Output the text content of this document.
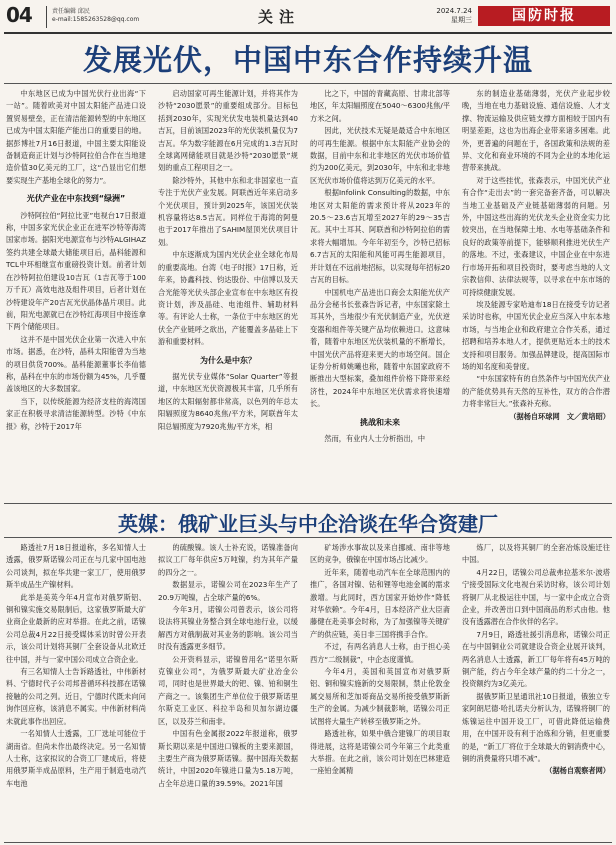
04	责任编辑 邱民
e-mail:1585263528@qq.com	关注	2024.7.24
星期三	国防时报
发展光伏，中国中东合作持续升温

中东地区已成为中国光伏行业出海“下一站”。随着欧美对中国太阳能产品进口设置贸易壁垒，正在清洁能源转型的中东地区已成为中国太阳能产能出口的重要目的地。据彭博社7月16日报道，中国主要太阳能设备制造商正计划与沙特阿拉伯合作在当地建造价值30亿美元的工厂，这“凸显出它们想要实现生产基地全球化的努力”。

光伏产业在中东找到“绿洲”

沙特阿拉伯“阿拉比亚”电视台17日报道称，中国多家光伏企业正在进军沙特等海湾国家市场。据阳光电源宣布与沙特ALGIHAZ签约共建全球最大储能项目后，晶科能源和TCL中环相继宣布重磅投资计划。前者计划在沙特阿拉伯建设10吉瓦（1吉瓦等于100万千瓦）高效电池及组件项目，后者计划在沙特建设年产20吉瓦光伏晶体晶片项目。此前，阳光电源就已在沙特红海项目中接连拿下两个储能项目。

这并不是中国光伏企业第一次进入中东市场。据悉，在沙特，晶科太阳能曾为当地的项目供货700%。晶科能源董事长李仙德称，晶科在中东的市场份额为45%，几乎覆盖该地区的大多数国家。

当下，以传统能源为经济支柱的海湾国家正在积极寻求清洁能源转型。沙特《中东报》称，沙特于2017年

启动国家可再生能源计划，并将其作为沙特“2030愿景”的重要组成部分。目标包括到2030年，实现光伏发电装机量达到40吉瓦，目前该国2023年的光伏装机量仅为7吉瓦。华为数字能源在6月完成的1.3吉瓦时全球离网储能项目就是沙特“2030愿景”规划的重点工程项目之一。

除沙特外，其他中东和北非国家也一直专注于光伏产业发展。阿联酋近年来启动多个光伏项目，预计到2025年，该国光伏装机容量将达8.5吉瓦。同样位于海湾的阿曼也于2017年推出了SAHIM屋顶光伏项目计划。

中东逐渐成为国内光伏企业全球化布局的重要高地。台湾《电子时报》17日称，近年来，协鑫科技、钧达股份、中信博以及天合光能等光伏头部企业宣布在中东地区有投资计划，涉及晶硅、电池组件、辅助材料等。有评论人士称，一条位于中东地区的光伏全产业链呼之欲出，产能覆盖多晶硅上下游和重要材料。

为什么是中东？

据光伏专业媒体“Solar Quarter”等报道，中东地区光伏资源极其丰富，几乎所有地区的太阳辐射都非常高，以色列的年总太阳辐照度为8640兆焦/平方米，阿联酋年太阳总辐照度为7920兆焦/平方米，相

比之下，中国的青藏高原、甘肃北部等地区，年太阳辐照度在5040～6300兆焦/平方米之间。

因此，光伏技术无疑是最适合中东地区的可再生能源。根据中东太阳能产业协会的数据，目前中东和北非地区的光伏市场价值约为200亿美元，到2030年，中东和北非地区光伏市场价值将达到万亿美元的水平。

根据Infolink Consulting的数据，中东地区对太阳能的需求预计将从2023年的20.5～23.6吉瓦增至2027年的29～35吉瓦。其中土耳其、阿联酋和沙特阿拉伯的需求将大幅增加。今年年初至今，沙特已招标6.7吉瓦的太阳能和风能可再生能源项目，并计划在不远前地招标，以实现每年招标20吉瓦的目标。

中国机电产品进出口商会太阳能光伏产品分会秘书长张森告诉记者，中东国家除土耳其外，当地很少有光伏制造产业，光伏逆变器和组件等关键产品均依赖进口。这意味着，随着中东地区光伏装机量的不断增长，中国光伏产品将迎来更大的市场空间。国企证券分析师姚曦也称，随着中东国家政府不断推出大型标案，叠加组件价格下降带来经济性，2024年中东地区光伏需求将快速增长。

挑战和未来

然而，有业内人士分析指出，中

东的制造业基础薄弱，光伏产业起步较晚，当地在电力基础设施、通信设施、人才支撑、物流运输及供应链支撑方面相较于国内有明显差距，这也为出海企业带来诸多困难。此外，更普遍的问题在于，各国政策和法规的差异、文化和商业环境的不同为企业的本地化运营带来挑战。

对于这些挂忧，张森表示，中国光伏产业有合作“走出去”的一套完备套齐备，可以解决当地工业基础及产业链基础薄弱的问题。另外，中国这些出海的光伏龙头企业资金实力比较突出，在当地保障土地、水电等基础条件和良好的政策等前提下，能够顺利推进光伏生产的落地。不过，张森建议，中国企业在中东进行市场开拓和项目投资时，要考虑当地的人文宗教信仰、法律法规等，以寻求在中东市场的可持续健康发展。

埃及能源专家哈迪布18日在接受专访记者采访时也称，中国光伏企业应当深入中东本地市场，与当地企业和政府建立合作关系，通过招聘和培养本地人才，提供更贴近本土的技术支持和项目服务。加强品牌建设，提高国际市场的知名度和美誉度。

“中东国家特有的自然条件与中国光伏产业的产能优势具有天然的互补性，双方的合作潜力将非常巨大。”张森补充称。

（据杨自环球网　文／黄培昭）

英媒：俄矿业巨头与中企洽谈在华合资建厂

路透社7月18日报道称，多名知情人士透露，俄罗斯诺镍公司正在与几家中国电池公司谈判，拟在华共建一家工厂，使用俄罗斯半成品生产镍材料。

此举是美英今年4月宣布对俄罗斯铝、铜和镍实施交易限制后，这家俄罗斯最大矿业商企业最新的应对举措。在此之前，诺镍公司总裁4月22日接受媒体采访时曾公开表示，该公司计划将其铜厂全套设备从北欧迁往中国，并与一家中国公司成立合资企业。

有三名知情人士告诉路透社，中伟新材料、宁德时代子公司邦普循环科技都在诺镍接触的公司之列。近日，宁德时代既未向问询作回应称，该消息不属实。中伟新材料尚未就此事作出回应。

一名知情人士透露，工厂选址可能位于湖南省。但尚未作出最终决定。另一名知情人士称，这家拟议的合资工厂建成后，将使用俄罗斯半成品原料，生产用于制造电动汽车电池

的硫酸镍。该人士补充说，诺镍准备向拟议工厂每年供应5万吨镍，约为其年产量的四分之一。

数据显示，诺镍公司在2023年生产了20.9万吨镍，占全球产量的6%。

今年3月，诺镍公司曾表示，该公司将设法将其镍业务整合到全球电池行业，以缓解西方对俄制裁对其业务的影响。该公司当时没有透露更多细节。

公开资料显示，诺镍曾用名“诺里尔斯克镍业公司”，为俄罗斯最大矿业冶金公司，同时也是世界最大的钯、镍、铂和铜生产商之一。该集团生产单位位于俄罗斯诺里尔斯克工业区、科拉半岛和贝加尔湖边疆区，以及芬兰和南非。

中国有色金属报2022年报道称，俄罗斯长期以来是中国进口镍板的主要来源国，主要生产商为俄罗斯诺镍。据中国海关数据统计，中国2020年镍进口量为5.18万吨，占全年总进口量的39.59%。2021年国

矿场涉水事故以及来自挪威、南非等地区的竞争，俄镍在中国市场占比减少。

近年来，随着电动汽车在全球范围内的推广，各国对镍、钴和锂等电池金属的需求激增。与此同时，西方国家开始炒作“降低对华依赖”。今年4月，日本经济产业大臣斋藤健在赴美事会时称，为了加强镍等关键矿产的供应链，美日非三国将携手合作。

不过，有两名消息人士称，由于担心美西方“二级制裁”，中企态度谨慎。

今年4月，美国和英国宣布对俄罗斯铝、铜和镍实施新的交易限制，禁止伦敦金属交易所和芝加哥商品交易所接受俄罗斯新生产的金属。为减少制裁影响，诺镍公司正试图将大量生产转移至俄罗斯之外。

路透社称，如果中俄合建镍厂的项目取得进展，这将是诺镍公司今年第三个此类重大举措。在此之前，该公司计划在巴林建造一座铂金属精

炼厂，以及将其铜厂的全套冶炼设施迁往中国。

4月22日，诺镍公司总裁弗拉基米尔·波塔宁接受国际文化电视台采访时称，该公司计划将铜厂从北极运往中国，与一家中企成立合资企业，并改善出口到中国商品的形式由他。他没有透露潜在合作伙伴的名字。

7月9日，路透社援引消息称，诺镍公司正在与中国铜业公司就建设合资企业展开谈判，两名消息人士透露，新工厂每年将有45万吨的铜产能，约占今年全球产量的约二十分之一，投资额约为3亿美元。

据俄罗斯卫星通讯社10日报道，俄独立专家阿朗尼德·哈扎诺夫分析认为，诺镍将铜厂的炼镍运往中国开设工厂，可借此降低运输费用，在中国开设有利于冶炼和分销，但更重要的是，“新工厂将位于全球最大的铜消费中心，铜的消费量将只增不减”。

（据杨自观察者网）
